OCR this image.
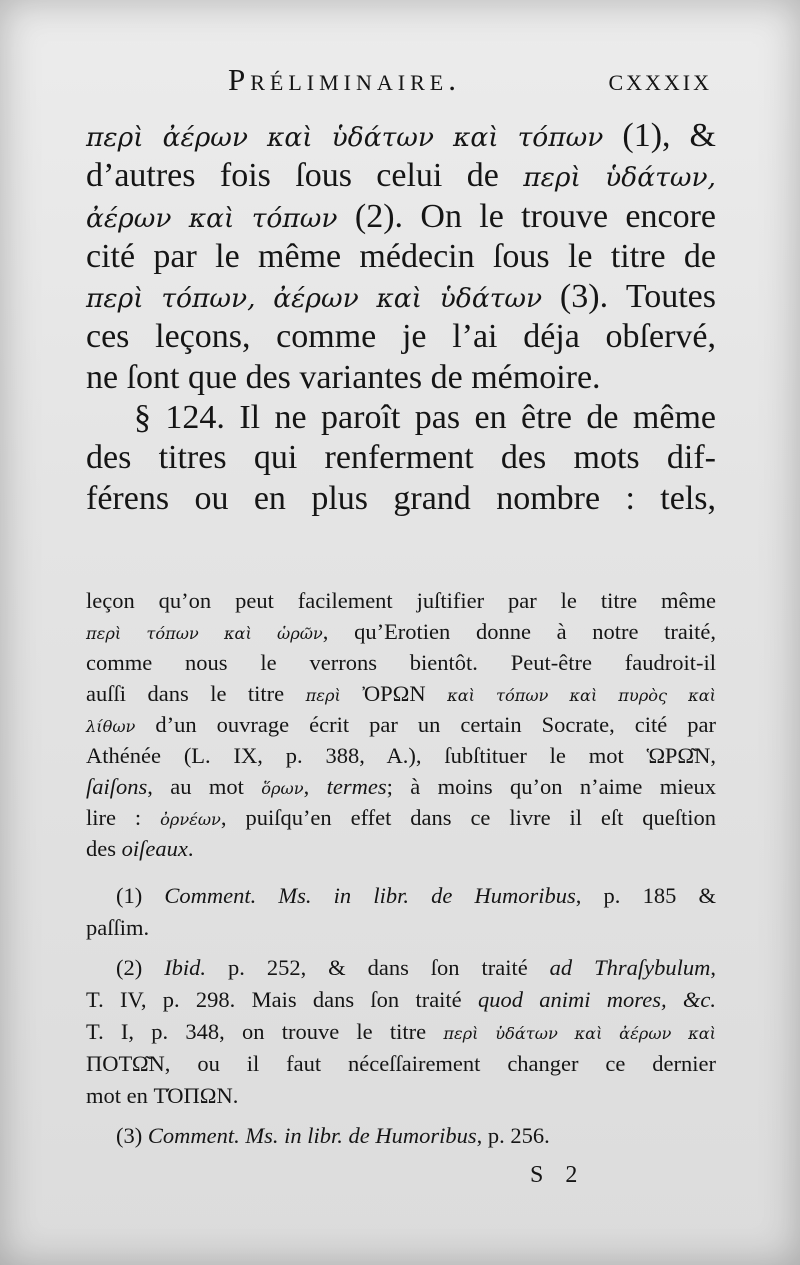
Préliminaire.	cxxxix
περὶ ἀέρων καὶ ὑδάτων καὶ τόπων (1), &
d’autres fois ſous celui de περὶ ὑδάτων,
ἀέρων καὶ τόπων (2). On le trouve encore
cité par le même médecin ſous le titre de
περὶ τόπων, ἀέρων καὶ ὑδάτων (3). Toutes
ces leçons, comme je l’ai déja obſervé,
ne ſont que des variantes de mémoire.
§ 124. Il ne paroît pas en être de même
des titres qui renferment des mots dif-
férens ou en plus grand nombre : tels,
leçon qu’on peut facilement juſtifier par le titre même
περὶ τόπων καὶ ὡρῶν, qu’Erotien donne à notre traité,
comme nous le verrons bientôt. Peut-être faudroit-il
auſſi dans le titre περὶ ὈΡΩΝ καὶ τόπων καὶ πυρὸς καὶ
λίθων d’un ouvrage écrit par un certain Socrate, cité par
Athénée (L. IX, p. 388, A.), ſubſtituer le mot ὩΡΩ͂Ν,
ſaiſons, au mot ὅρων, termes; à moins qu’on n’aime mieux
lire : ὀρνέων, puiſqu’en effet dans ce livre il eſt queſtion
des oiſeaux.
(1) Comment. Ms. in libr. de Humoribus, p. 185 &
paſſim.
(2) Ibid. p. 252, & dans ſon traité ad Thraſybulum,
T. IV, p. 298. Mais dans ſon traité quod animi mores, &c.
T. I, p. 348, on trouve le titre περὶ ὑδάτων καὶ ἀέρων καὶ
ΠΟΤΩ͂Ν, ou il faut néceſſairement changer ce dernier
mot en ΤΌΠΩΝ.
(3) Comment. Ms. in libr. de Humoribus, p. 256.
S 2
